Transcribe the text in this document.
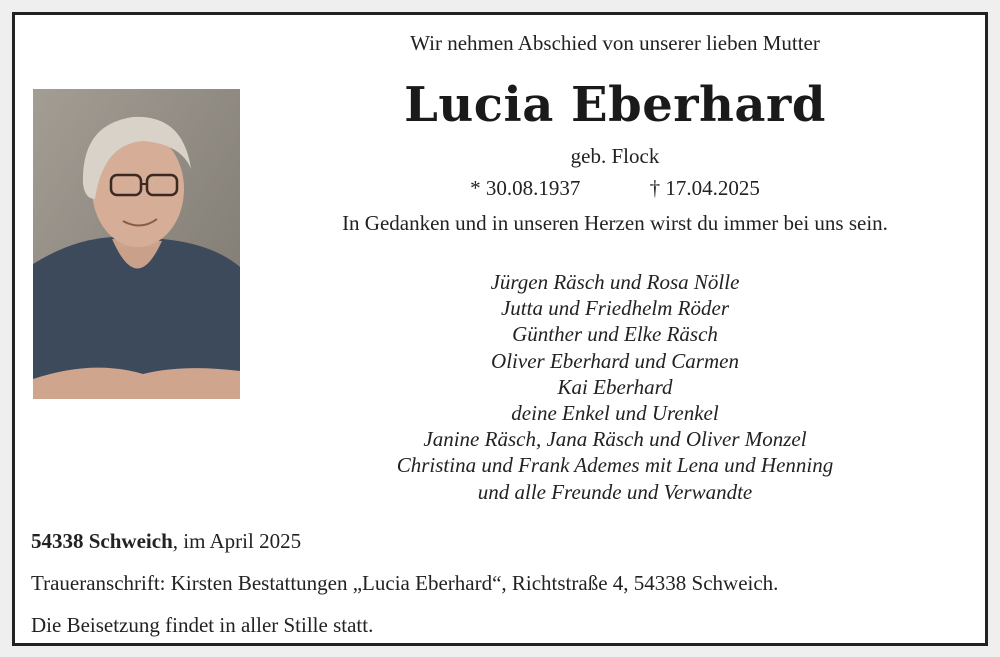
Wir nehmen Abschied von unserer lieben Mutter
Lucia Eberhard
geb. Flock
* 30.08.1937	† 17.04.2025
In Gedanken und in unseren Herzen wirst du immer bei uns sein.
Jürgen Räsch und Rosa Nölle
Jutta und Friedhelm Röder
Günther und Elke Räsch
Oliver Eberhard und Carmen
Kai Eberhard
deine Enkel und Urenkel
Janine Räsch, Jana Räsch und Oliver Monzel
Christina und Frank Ademes mit Lena und Henning
und alle Freunde und Verwandte
54338 Schweich, im April 2025
Traueranschrift: Kirsten Bestattungen „Lucia Eberhard“, Richtstraße 4, 54338 Schweich.
Die Beisetzung findet in aller Stille statt.
